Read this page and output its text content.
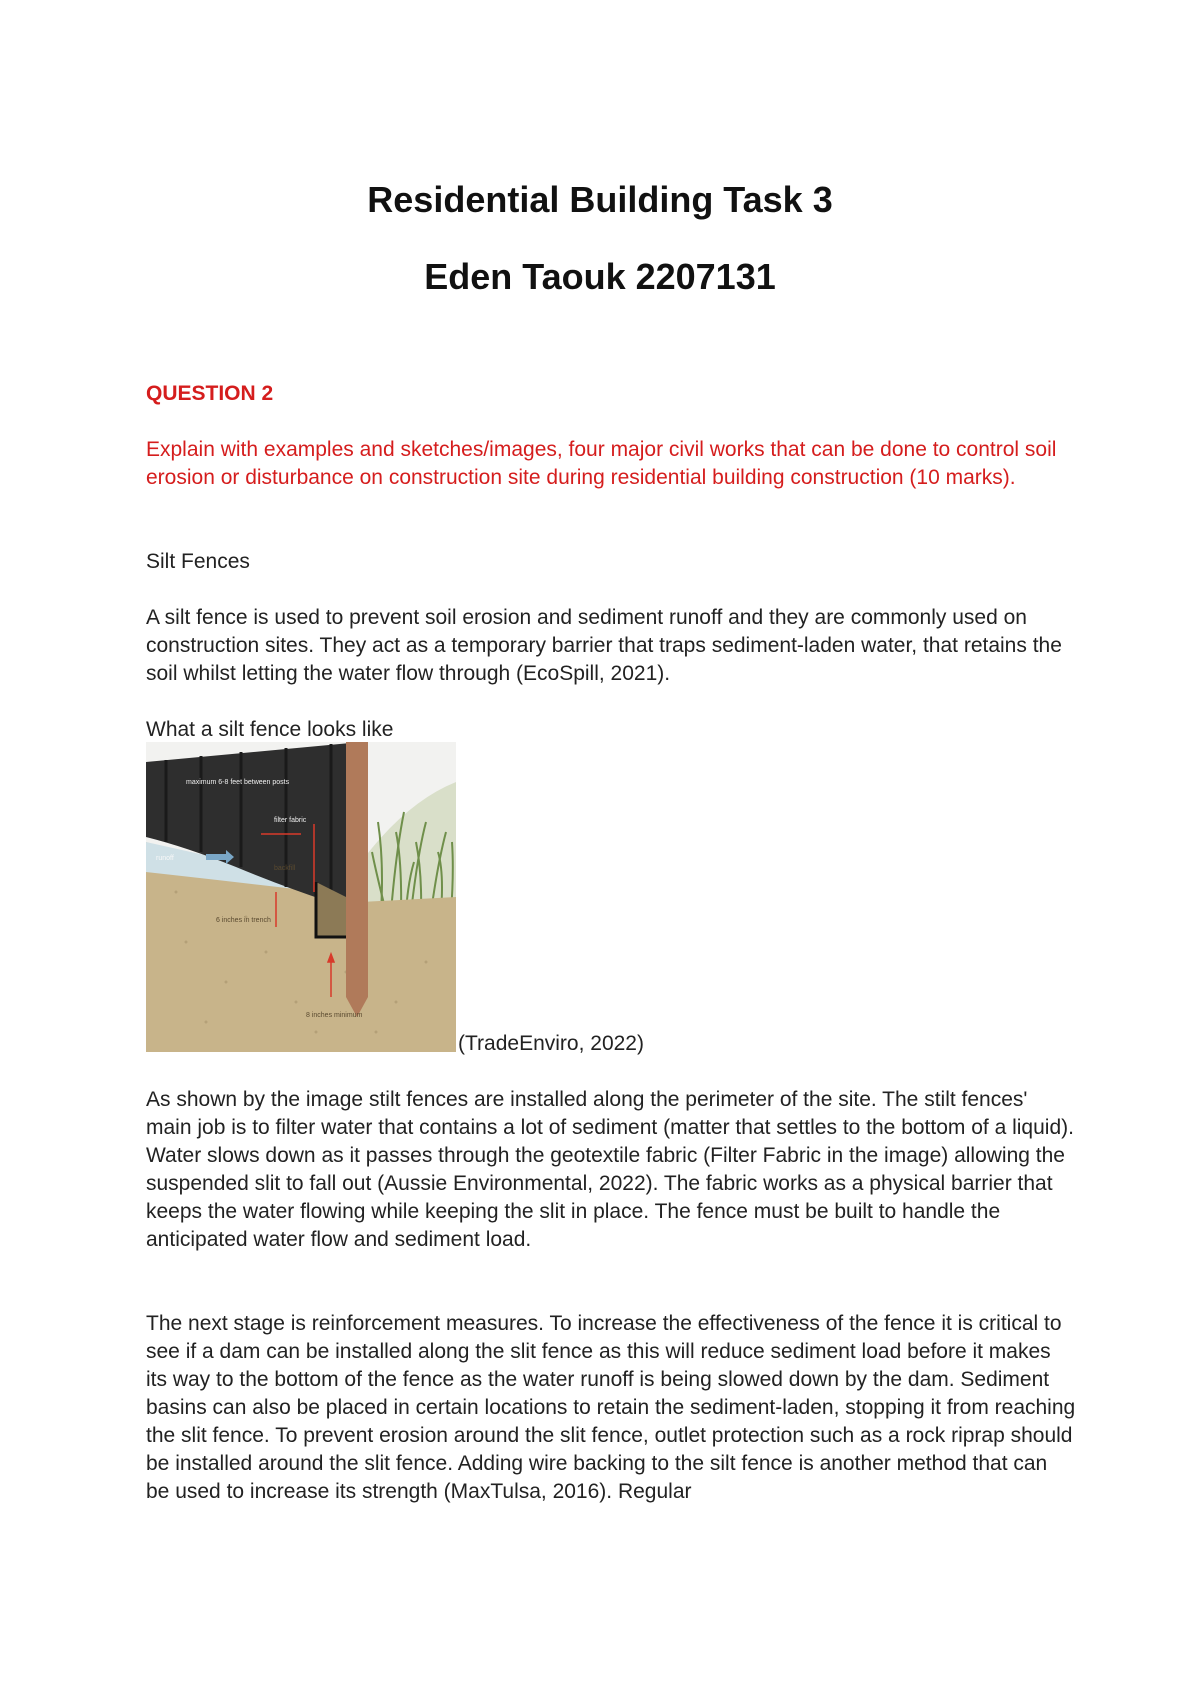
Residential Building Task 3
Eden Taouk 2207131

QUESTION 2

Explain with examples and sketches/images, four major civil works that can be done to control soil erosion or disturbance on construction site during residential building construction (10 marks).

Silt Fences

A silt fence is used to prevent soil erosion and sediment runoff and they are commonly used on construction sites. They act as a temporary barrier that traps sediment-laden water, that retains the soil whilst letting the water flow through (EcoSpill, 2021).

What a silt fence looks like

maximum 6-8 feet between posts
filter fabric
runoff
backfill
6 inches in trench
8 inches minimum
(TradeEnviro, 2022)

As shown by the image stilt fences are installed along the perimeter of the site. The stilt fences' main job is to filter water that contains a lot of sediment (matter that settles to the bottom of a liquid). Water slows down as it passes through the geotextile fabric (Filter Fabric in the image) allowing the suspended slit to fall out (Aussie Environmental, 2022). The fabric works as a physical barrier that keeps the water flowing while keeping the slit in place. The fence must be built to handle the anticipated water flow and sediment load.

The next stage is reinforcement measures. To increase the effectiveness of the fence it is critical to see if a dam can be installed along the slit fence as this will reduce sediment load before it makes its way to the bottom of the fence as the water runoff is being slowed down by the dam. Sediment basins can also be placed in certain locations to retain the sediment-laden, stopping it from reaching the slit fence. To prevent erosion around the slit fence, outlet protection such as a rock riprap should be installed around the slit fence. Adding wire backing to the silt fence is another method that can be used to increase its strength (MaxTulsa, 2016). Regular
